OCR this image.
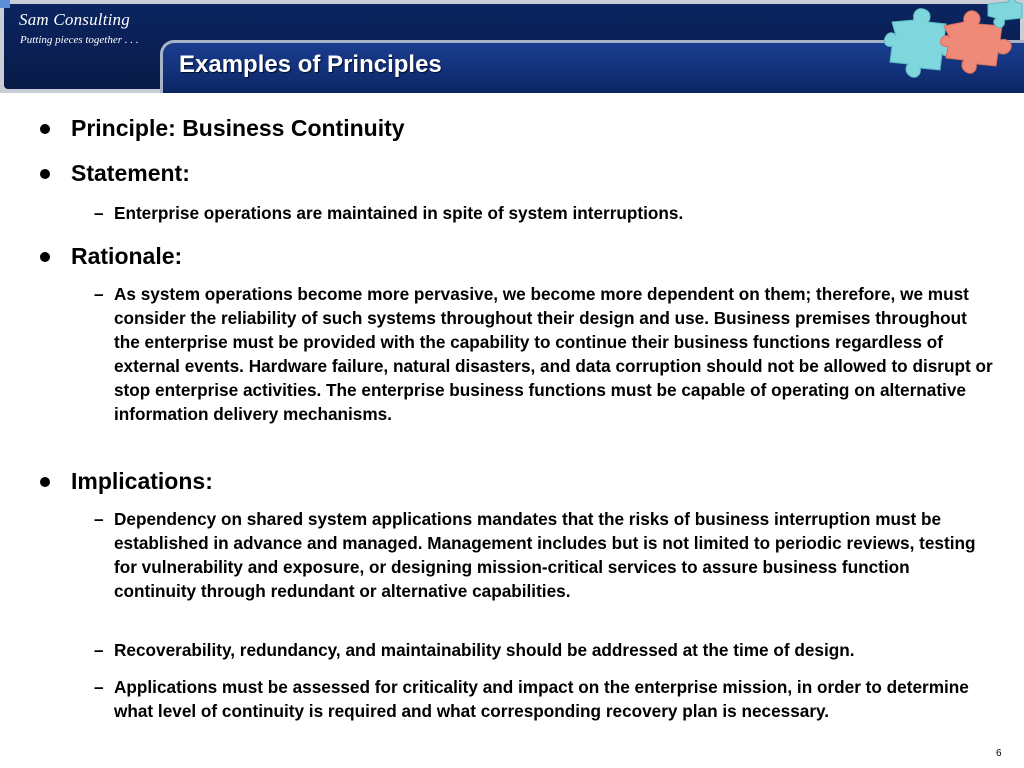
Sam Consulting
Putting pieces together . . .
Examples of Principles
Principle: Business Continuity
Statement:
– Enterprise operations are maintained in spite of system interruptions.
Rationale:
– As system operations become more pervasive, we become more dependent on them; therefore, we must consider the reliability of such systems throughout their design and use. Business premises throughout the enterprise must be provided with the capability to continue their business functions regardless of external events. Hardware failure, natural disasters, and data corruption should not be allowed to disrupt or stop enterprise activities. The enterprise business functions must be capable of operating on alternative information delivery mechanisms.
Implications:
– Dependency on shared system applications mandates that the risks of business interruption must be established in advance and managed. Management includes but is not limited to periodic reviews, testing for vulnerability and exposure, or designing mission-critical services to assure business function continuity through redundant or alternative capabilities.
– Recoverability, redundancy, and maintainability should be addressed at the time of design.
– Applications must be assessed for criticality and impact on the enterprise mission, in order to determine what level of continuity is required and what corresponding recovery plan is necessary.
6
